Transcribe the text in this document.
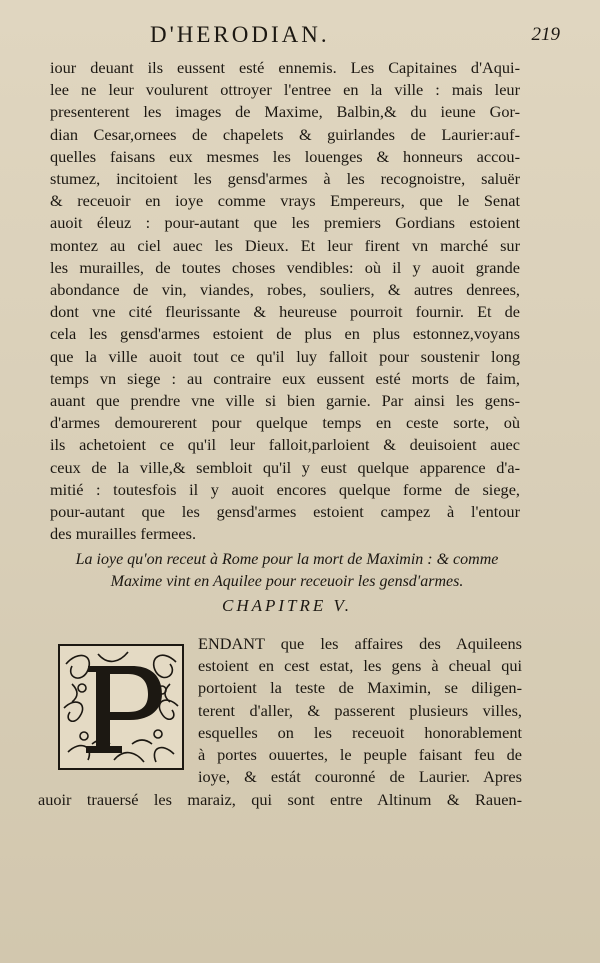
D'HERODIAN.	219
iour deuant ils eussent esté ennemis. Les Capitaines d'Aqui-
lee ne leur voulurent ottroyer l'entree en la ville : mais leur
presenterent les images de Maxime, Balbin,& du ieune Gor-
dian Cesar,ornees de chapelets & guirlandes de Laurier:auf-
quelles faisans eux mesmes les louenges & honneurs accou-
stumez, incitoient les gensd'armes à les recognoistre, saluër
& receuoir en ioye comme vrays Empereurs, que le Senat
auoit éleuz : pour-autant que les premiers Gordians estoient
montez au ciel auec les Dieux. Et leur firent vn marché sur
les murailles, de toutes choses vendibles: où il y auoit grande
abondance de vin, viandes, robes, souliers, & autres denrees,
dont vne cité fleurissante & heureuse pourroit fournir. Et de
cela les gensd'armes estoient de plus en plus estonnez,voyans
que la ville auoit tout ce qu'il luy falloit pour soustenir long
temps vn siege : au contraire eux eussent esté morts de faim,
auant que prendre vne ville si bien garnie. Par ainsi les gens-
d'armes demourerent pour quelque temps en ceste sorte, où
ils achetoient ce qu'il leur falloit,parloient & deuisoient auec
ceux de la ville,& sembloit qu'il y eust quelque apparence d'a-
mitié : toutesfois il y auoit encores quelque forme de siege,
pour-autant que les gensd'armes estoient campez à l'entour
des murailles fermees.
La ioye qu'on receut à Rome pour la mort de Maximin : & comme
Maxime vint en Aquilee pour receuoir les gensd'armes.
CHAPITRE V.
ENDANT que les affaires des Aquileens
estoient en cest estat, les gens à cheual qui
portoient la teste de Maximin, se diligen-
terent d'aller, & passerent plusieurs villes,
esquelles on les receuoit honorablement
à portes ouuertes, le peuple faisant feu de
ioye, & estát couronné de Laurier. Apres
auoir trauersé les maraiz, qui sont entre Altinum & Rauen-
